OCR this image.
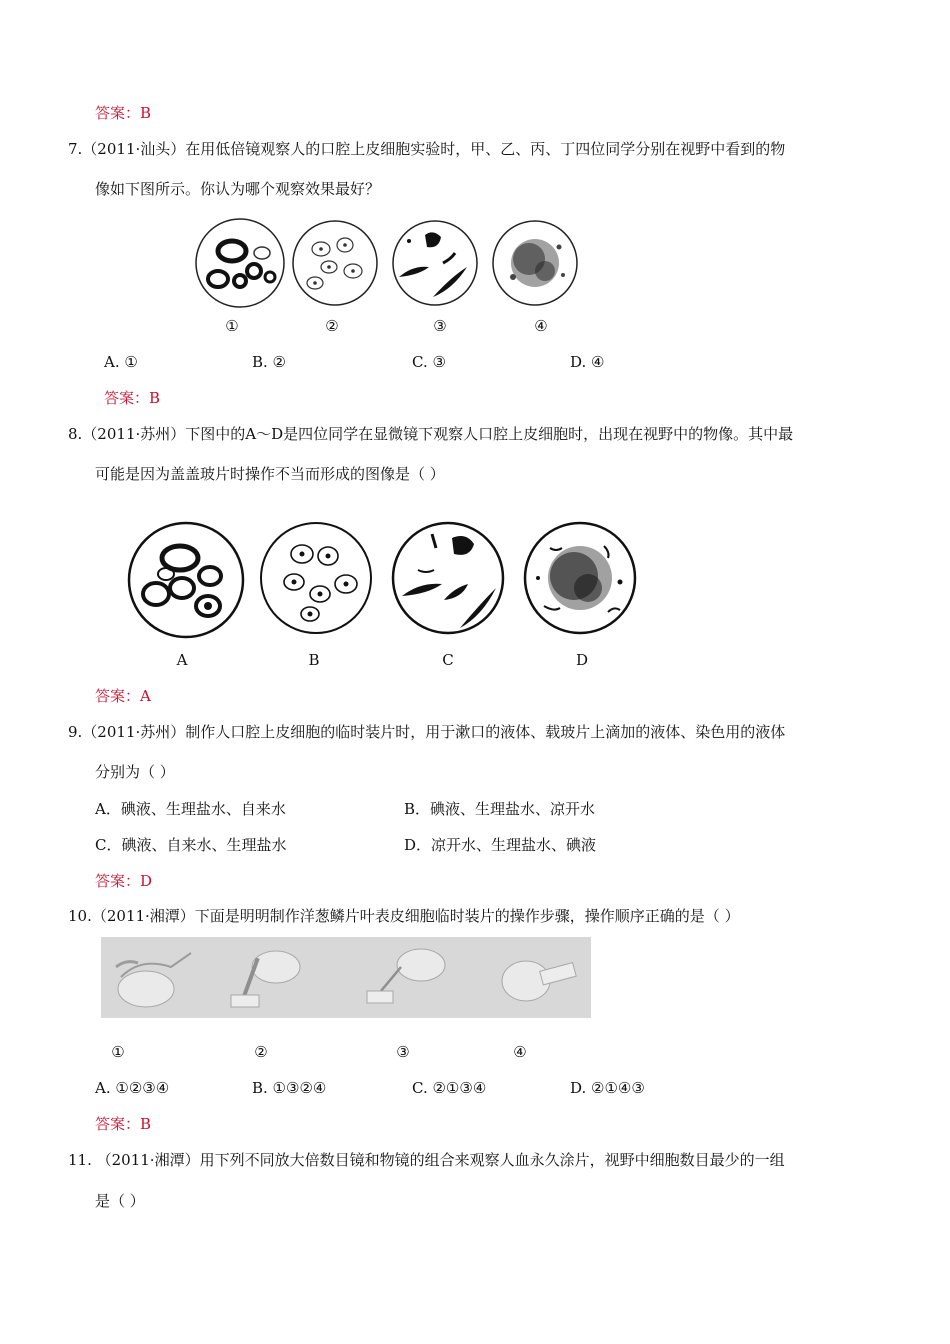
答案：B
7.（2011·汕头）在用低倍镜观察人的口腔上皮细胞实验时，甲、乙、丙、丁四位同学分别在视野中看到的物
像如下图所示。你认为哪个观察效果最好？
①	②	③	④
A. ①	B. ②	C. ③	D. ④
答案：B
8.（2011·苏州）下图中的A～D是四位同学在显微镜下观察人口腔上皮细胞时，出现在视野中的物像。其中最
可能是因为盖盖玻片时操作不当而形成的图像是（ ）
A	B	C	D
答案：A
9.（2011·苏州）制作人口腔上皮细胞的临时装片时，用于漱口的液体、载玻片上滴加的液体、染色用的液体
分别为（ ）
A．碘液、生理盐水、自来水	B．碘液、生理盐水、凉开水
C．碘液、自来水、生理盐水	D．凉开水、生理盐水、碘液
答案：D
10.（2011·湘潭）下面是明明制作洋葱鳞片叶表皮细胞临时装片的操作步骤，操作顺序正确的是（ ）
①	②	③	④
A. ①②③④	B. ①③②④	C. ②①③④	D. ②①④③
答案：B
11. （2011·湘潭）用下列不同放大倍数目镜和物镜的组合来观察人血永久涂片，视野中细胞数目最少的一组
是（ ）
